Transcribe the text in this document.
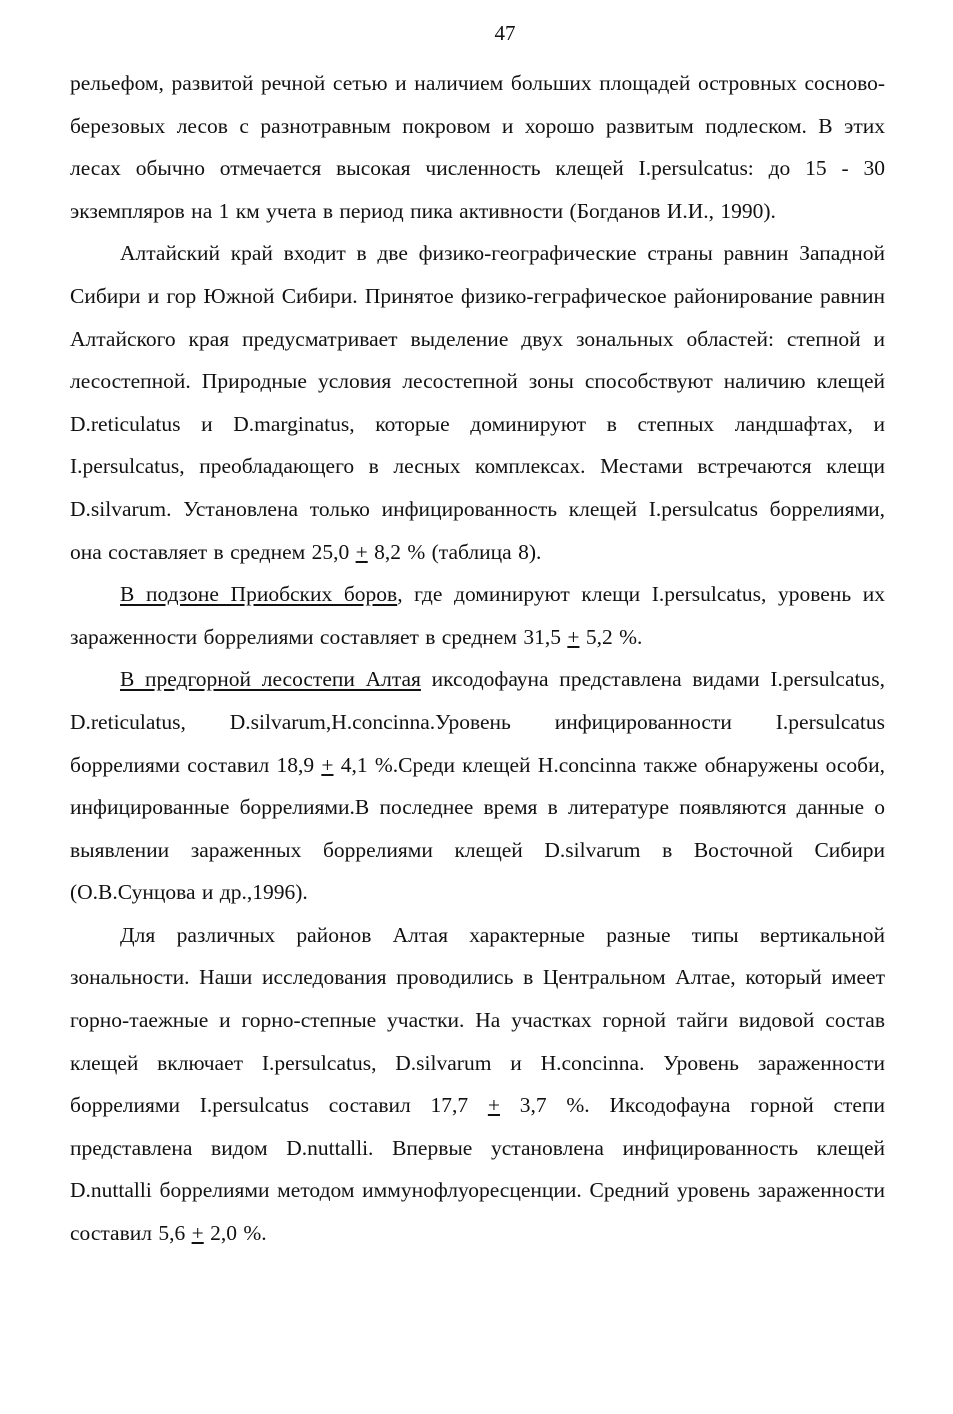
47

рельефом, развитой речной сетью и наличием больших площадей островных сосново-березовых лесов с разнотравным покровом и хорошо развитым подлеском. В этих лесах обычно отмечается высокая численность клещей I.persulcatus: до 15 - 30 экземпляров на 1 км учета в период пика активности (Богданов И.И., 1990).

Алтайский край входит в две физико-географические страны равнин Западной Сибири и гор Южной Сибири. Принятое физико-геграфическое районирование равнин Алтайского края предусматривает выделение двух зональных областей: степной и лесостепной. Природные условия лесостепной зоны способствуют наличию клещей D.reticulatus и D.marginatus, которые доминируют в степных ландшафтах, и I.persulcatus, преобладающего в лесных комплексах. Местами встречаются клещи D.silvarum. Установлена только инфицированность клещей I.persulcatus боррелиями, она составляет в среднем 25,0 + 8,2 % (таблица 8).

В подзоне Приобских боров, где доминируют клещи I.persulcatus, уровень их зараженности боррелиями составляет в среднем 31,5 + 5,2 %.

В предгорной лесостепи Алтая иксодофауна представлена видами I.persulcatus, D.reticulatus, D.silvarum,H.concinna.Уровень инфицированности I.persulcatus боррелиями составил 18,9 + 4,1 %.Среди клещей H.concinna также обнаружены особи, инфицированные боррелиями.В последнее время в литературе появляются данные о выявлении зараженных боррелиями клещей D.silvarum в Восточной Сибири (О.В.Сунцова и др.,1996).

Для различных районов Алтая характерные разные типы вертикальной зональности. Наши исследования проводились в Центральном Алтае, который имеет горно-таежные и горно-степные участки. На участках горной тайги видовой состав клещей включает I.persulcatus, D.silvarum и H.concinna. Уровень зараженности боррелиями I.persulcatus составил 17,7 + 3,7 %. Иксодофауна горной степи представлена видом D.nuttalli. Впервые установлена инфицированность клещей D.nuttalli боррелиями методом иммунофлуоресценции. Средний уровень зараженности составил 5,6 + 2,0 %.
